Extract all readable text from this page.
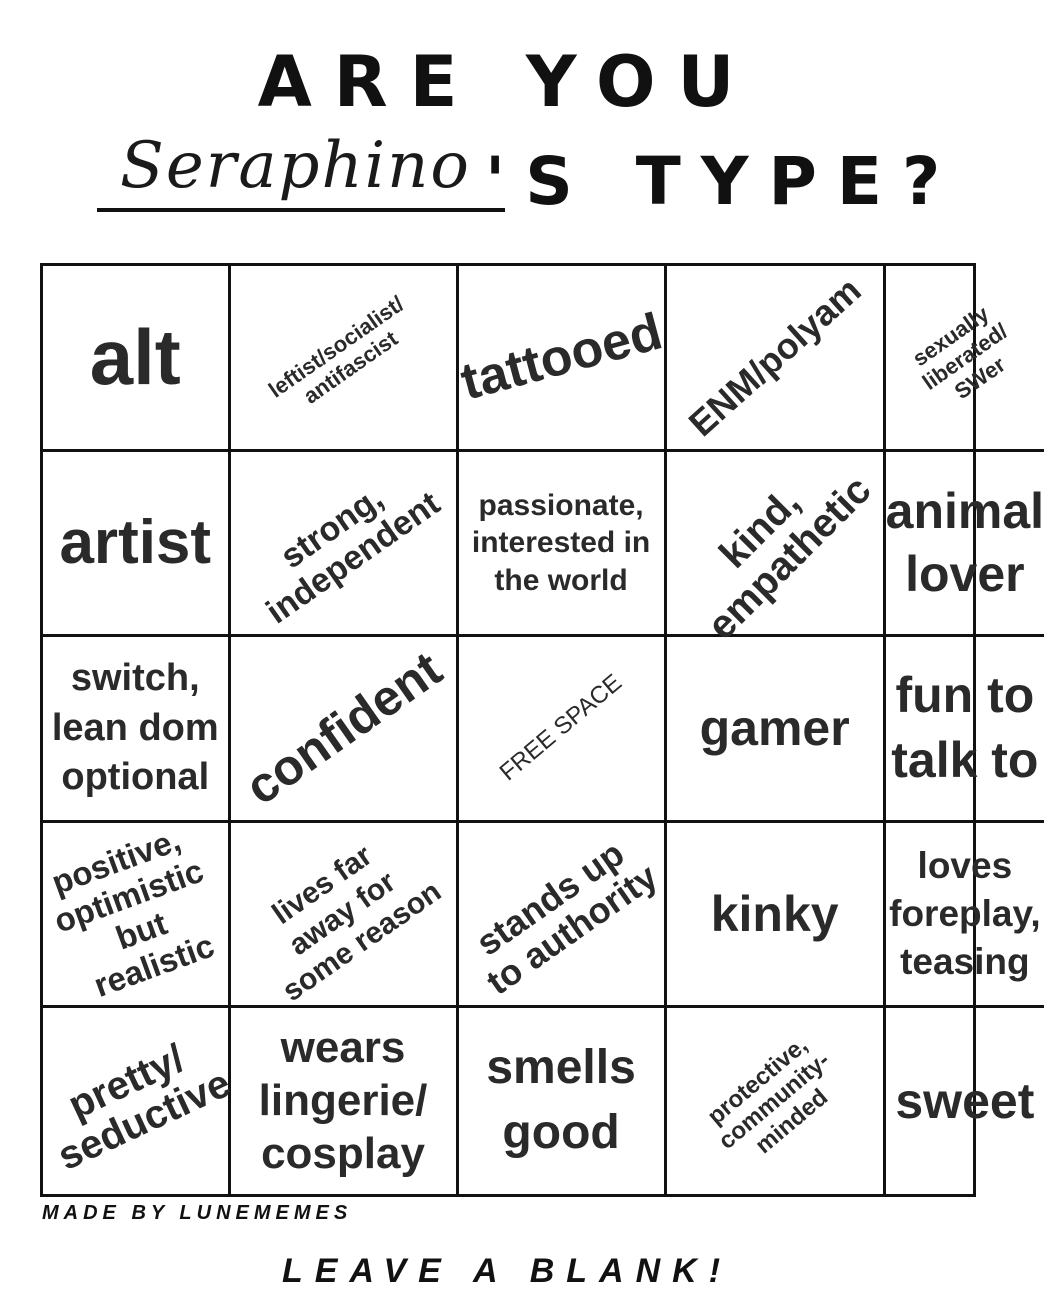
ARE YOU
Seraphino 'S TYPE?
alt	leftist/socialist/
antifascist	tattooed ENM/polyam	sexually liberated/
SWer
artist	strong,
independent passionate,
interested in
the world
kind,
empathetic animal
lover
switch,
lean dom
optional confident FREE SPACE gamer
fun to
talk to
positive,
optimistic
but realistic
lives far
away for
some reason stands up
to authority kinky
loves
foreplay,
teasing
pretty/
seductive
wears
lingerie/
cosplay
smells
good
protective,
community-minded	sweet
MADE BY LUNEMEMES
LEAVE A BLANK!
